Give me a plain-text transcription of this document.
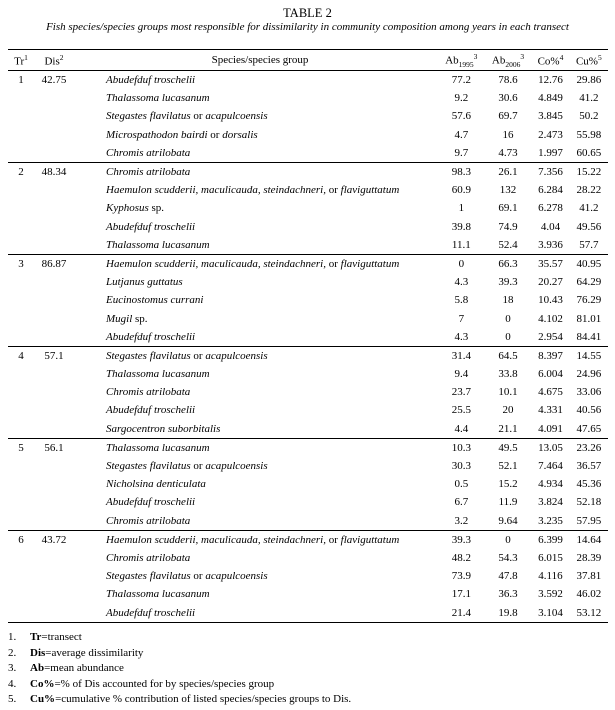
TABLE 2
Fish species/species groups most responsible for dissimilarity in community composition among years in each transect
Tr$^1$	Dis$^2$	Species/species group	$Ab_{1995}^3$	$Ab_{2006}^3$	Co%$^4$	Cu%$^5$
1	42.75	Abudefduf troschelii	77.2	78.6	12.76	29.86
		Thalassoma lucasanum	9.2	30.6	4.849	41.2
		Stegastes flavilatus or acapulcoensis	57.6	69.7	3.845	50.2
		Microspathodon bairdi or dorsalis	4.7	16	2.473	55.98
		Chromis atrilobata	9.7	4.73	1.997	60.65
2	48.34	Chromis atrilobata	98.3	26.1	7.356	15.22
		Haemulon scudderii, maculicauda, steindachneri, or flaviguttatum	60.9	132	6.284	28.22
		Kyphosus sp.	1	69.1	6.278	41.2
		Abudefduf troschelii	39.8	74.9	4.04	49.56
		Thalassoma lucasanum	11.1	52.4	3.936	57.7
3	86.87	Haemulon scudderii, maculicauda, steindachneri, or flaviguttatum	0	66.3	35.57	40.95
		Lutjanus guttatus	4.3	39.3	20.27	64.29
		Eucinostomus currani	5.8	18	10.43	76.29
		Mugil sp.	7	0	4.102	81.01
		Abudefduf troschelii	4.3	0	2.954	84.41
4	57.1	Stegastes flavilatus or acapulcoensis	31.4	64.5	8.397	14.55
		Thalassoma lucasanum	9.4	33.8	6.004	24.96
		Chromis atrilobata	23.7	10.1	4.675	33.06
		Abudefduf troschelii	25.5	20	4.331	40.56
		Sargocentron suborbitalis	4.4	21.1	4.091	47.65
5	56.1	Thalassoma lucasanum	10.3	49.5	13.05	23.26
		Stegastes flavilatus or acapulcoensis	30.3	52.1	7.464	36.57
		Nicholsina denticulata	0.5	15.2	4.934	45.36
		Abudefduf troschelii	6.7	11.9	3.824	52.18
		Chromis atrilobata	3.2	9.64	3.235	57.95
6	43.72	Haemulon scudderii, maculicauda, steindachneri, or flaviguttatum	39.3	0	6.399	14.64
		Chromis atrilobata	48.2	54.3	6.015	28.39
		Stegastes flavilatus or acapulcoensis	73.9	47.8	4.116	37.81
		Thalassoma lucasanum	17.1	36.3	3.592	46.02
		Abudefduf troschelii	21.4	19.8	3.104	53.12
1. Tr=transect
2. Dis=average dissimilarity
3. Ab=mean abundance
4. Co%=% of Dis accounted for by species/species group
5. Cu%=cumulative % contribution of listed species/species groups to Dis.
